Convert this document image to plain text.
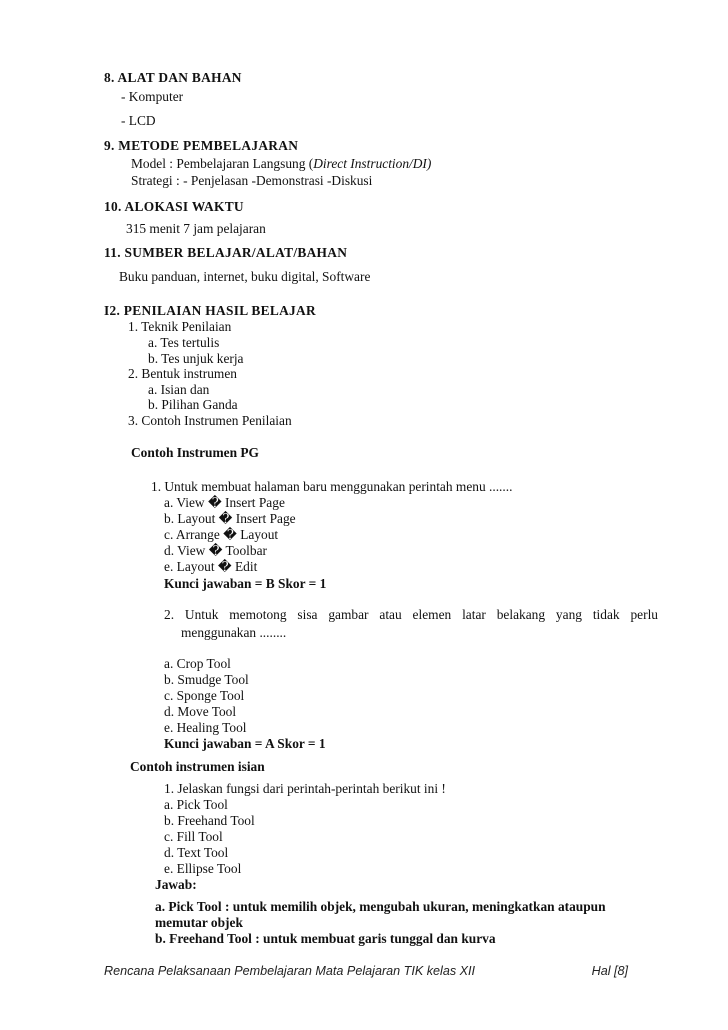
8. ALAT DAN BAHAN
- Komputer
- LCD
9. METODE PEMBELAJARAN
Model : Pembelajaran Langsung (Direct Instruction/DI)
Strategi : - Penjelasan -Demonstrasi -Diskusi
10. ALOKASI WAKTU
315 menit 7 jam pelajaran
11. SUMBER BELAJAR/ALAT/BAHAN
Buku panduan, internet, buku digital, Software
I2. PENILAIAN HASIL BELAJAR
1. Teknik Penilaian
a. Tes tertulis
b. Tes unjuk kerja
2. Bentuk instrumen
a. Isian dan
b. Pilihan Ganda
3. Contoh Instrumen Penilaian
Contoh Instrumen PG
1. Untuk membuat halaman baru menggunakan perintah menu .......
a. View � Insert Page
b. Layout � Insert Page
c. Arrange � Layout
d. View � Toolbar
e. Layout � Edit
Kunci jawaban = B Skor = 1
2. Untuk memotong sisa gambar atau elemen latar belakang yang tidak perlu
menggunakan ........
a. Crop Tool
b. Smudge Tool
c. Sponge Tool
d. Move Tool
e. Healing Tool
Kunci jawaban = A Skor = 1
Contoh instrumen isian
1. Jelaskan fungsi dari perintah-perintah berikut ini !
a. Pick Tool
b. Freehand Tool
c. Fill Tool
d. Text Tool
e. Ellipse Tool
Jawab:
a. Pick Tool : untuk memilih objek, mengubah ukuran, meningkatkan ataupun
memutar objek
b. Freehand Tool : untuk membuat garis tunggal dan kurva
Rencana Pelaksanaan Pembelajaran Mata Pelajaran TIK kelas XII	Hal [8]
